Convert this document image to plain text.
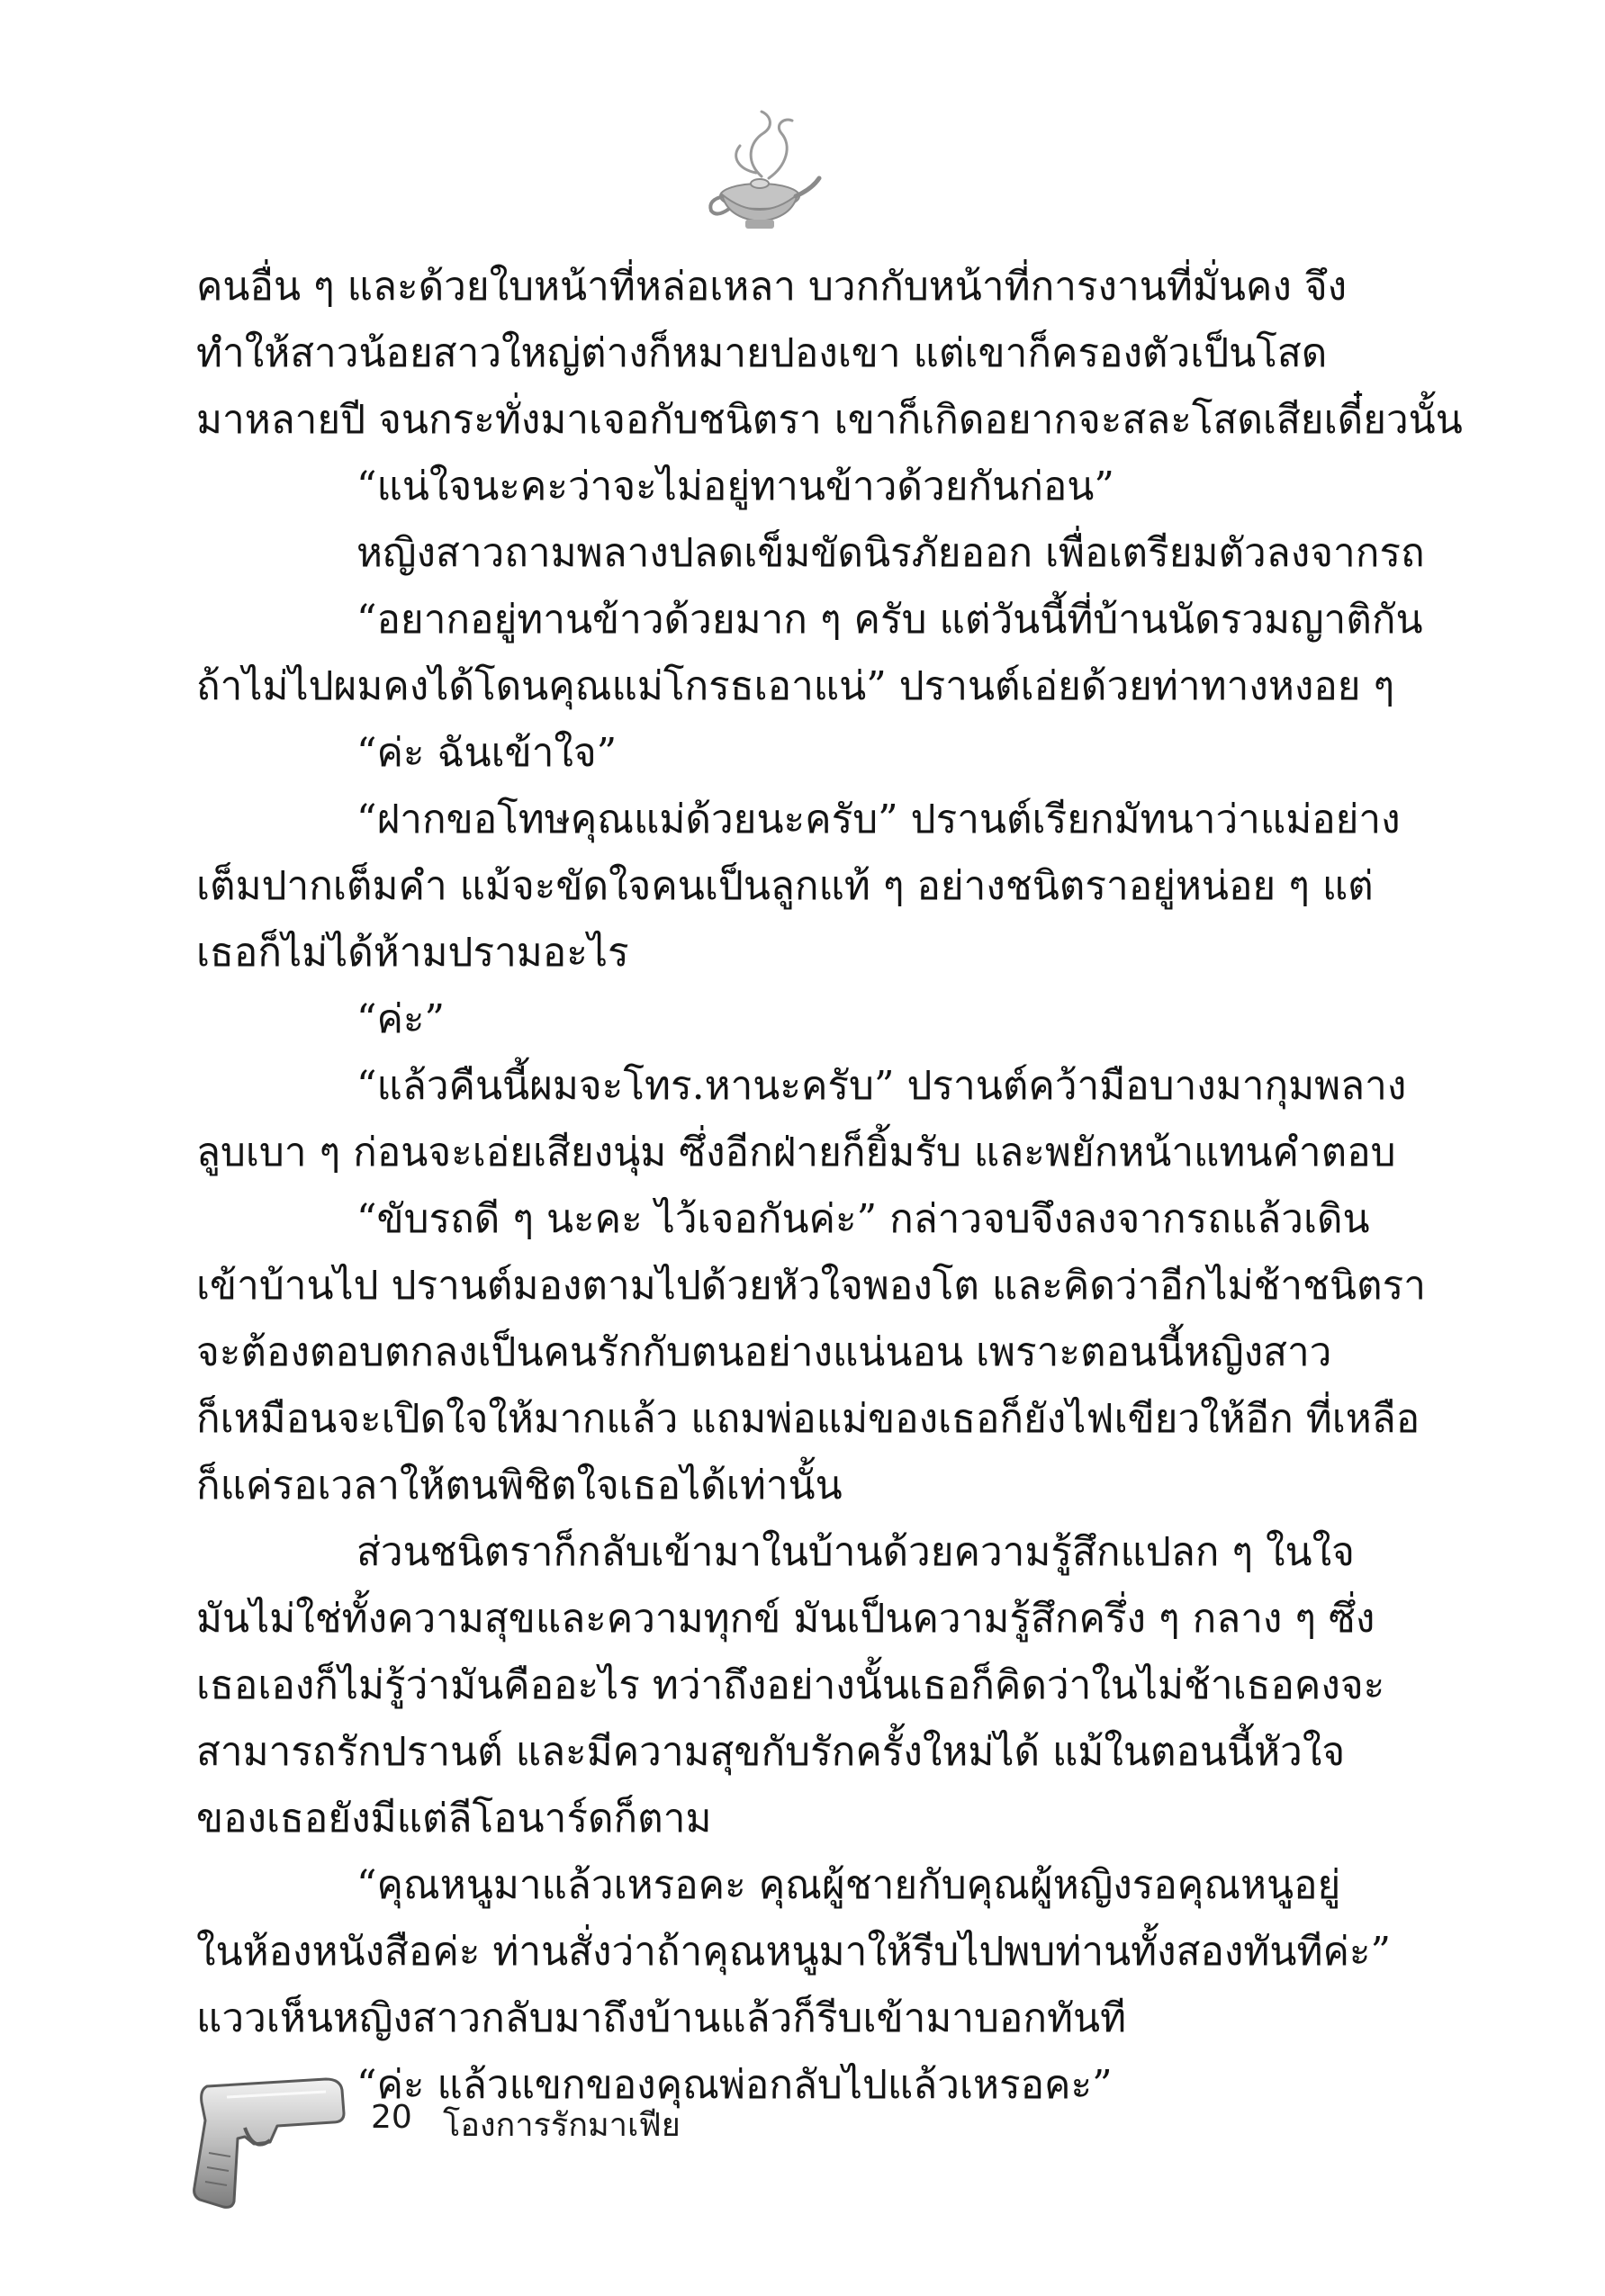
คนอื่น ๆ และด้วยใบหน้าที่หล่อเหลา บวกกับหน้าที่การงานที่มั่นคง จึง
ทำให้สาวน้อยสาวใหญ่ต่างก็หมายปองเขา แต่เขาก็ครองตัวเป็นโสด
มาหลายปี จนกระทั่งมาเจอกับชนิตรา เขาก็เกิดอยากจะสละโสดเสียเดี๋ยวนั้น
“แน่ใจนะคะว่าจะไม่อยู่ทานข้าวด้วยกันก่อน”
หญิงสาวถามพลางปลดเข็มขัดนิรภัยออก เพื่อเตรียมตัวลงจากรถ
“อยากอยู่ทานข้าวด้วยมาก ๆ ครับ แต่วันนี้ที่บ้านนัดรวมญาติกัน
ถ้าไม่ไปผมคงได้โดนคุณแม่โกรธเอาแน่” ปรานต์เอ่ยด้วยท่าทางหงอย ๆ
“ค่ะ ฉันเข้าใจ”
“ฝากขอโทษคุณแม่ด้วยนะครับ” ปรานต์เรียกมัทนาว่าแม่อย่าง
เต็มปากเต็มคำ แม้จะขัดใจคนเป็นลูกแท้ ๆ อย่างชนิตราอยู่หน่อย ๆ แต่
เธอก็ไม่ได้ห้ามปรามอะไร
“ค่ะ”
“แล้วคืนนี้ผมจะโทร.หานะครับ” ปรานต์คว้ามือบางมากุมพลาง
ลูบเบา ๆ ก่อนจะเอ่ยเสียงนุ่ม ซึ่งอีกฝ่ายก็ยิ้มรับ และพยักหน้าแทนคำตอบ
“ขับรถดี ๆ นะคะ ไว้เจอกันค่ะ” กล่าวจบจึงลงจากรถแล้วเดิน
เข้าบ้านไป ปรานต์มองตามไปด้วยหัวใจพองโต และคิดว่าอีกไม่ช้าชนิตรา
จะต้องตอบตกลงเป็นคนรักกับตนอย่างแน่นอน เพราะตอนนี้หญิงสาว
ก็เหมือนจะเปิดใจให้มากแล้ว แถมพ่อแม่ของเธอก็ยังไฟเขียวให้อีก ที่เหลือ
ก็แค่รอเวลาให้ตนพิชิตใจเธอได้เท่านั้น
ส่วนชนิตราก็กลับเข้ามาในบ้านด้วยความรู้สึกแปลก ๆ ในใจ
มันไม่ใช่ทั้งความสุขและความทุกข์ มันเป็นความรู้สึกครึ่ง ๆ กลาง ๆ ซึ่ง
เธอเองก็ไม่รู้ว่ามันคืออะไร ทว่าถึงอย่างนั้นเธอก็คิดว่าในไม่ช้าเธอคงจะ
สามารถรักปรานต์ และมีความสุขกับรักครั้งใหม่ได้ แม้ในตอนนี้หัวใจ
ของเธอยังมีแต่ลีโอนาร์ดก็ตาม
“คุณหนูมาแล้วเหรอคะ คุณผู้ชายกับคุณผู้หญิงรอคุณหนูอยู่
ในห้องหนังสือค่ะ ท่านสั่งว่าถ้าคุณหนูมาให้รีบไปพบท่านทั้งสองทันทีค่ะ”
แววเห็นหญิงสาวกลับมาถึงบ้านแล้วก็รีบเข้ามาบอกทันที
“ค่ะ แล้วแขกของคุณพ่อกลับไปแล้วเหรอคะ”
20 โองการรักมาเฟีย
